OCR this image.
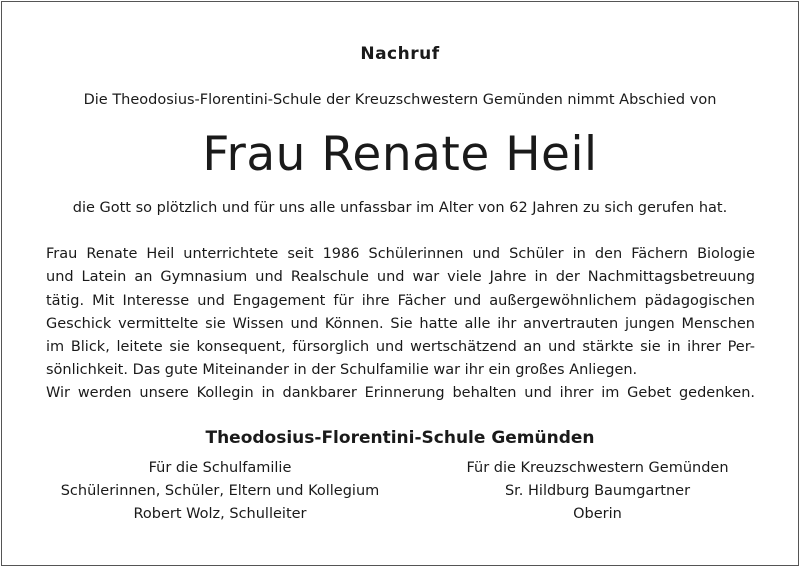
Nachruf
Die Theodosius-Florentini-Schule der Kreuzschwestern Gemünden nimmt Abschied von
Frau Renate Heil
die Gott so plötzlich und für uns alle unfassbar im Alter von 62 Jahren zu sich gerufen hat.

Frau Renate Heil unterrichtete seit 1986 Schülerinnen und Schüler in den Fächern Biologie
und Latein an Gymnasium und Realschule und war viele Jahre in der Nachmittagsbetreuung
tätig. Mit Interesse und Engagement für ihre Fächer und außergewöhnlichem pädagogischen
Geschick vermittelte sie Wissen und Können. Sie hatte alle ihr anvertrauten jungen Menschen
im Blick, leitete sie konsequent, fürsorglich und wertschätzend an und stärkte sie in ihrer Per-
sönlichkeit. Das gute Miteinander in der Schulfamilie war ihr ein großes Anliegen.

Wir werden unsere Kollegin in dankbarer Erinnerung behalten und ihrer im Gebet gedenken.
Theodosius-Florentini-Schule Gemünden
Für die Schulfamilie
Schülerinnen, Schüler, Eltern und Kollegium
Robert Wolz, Schulleiter
Für die Kreuzschwestern Gemünden
Sr. Hildburg Baumgartner
Oberin
